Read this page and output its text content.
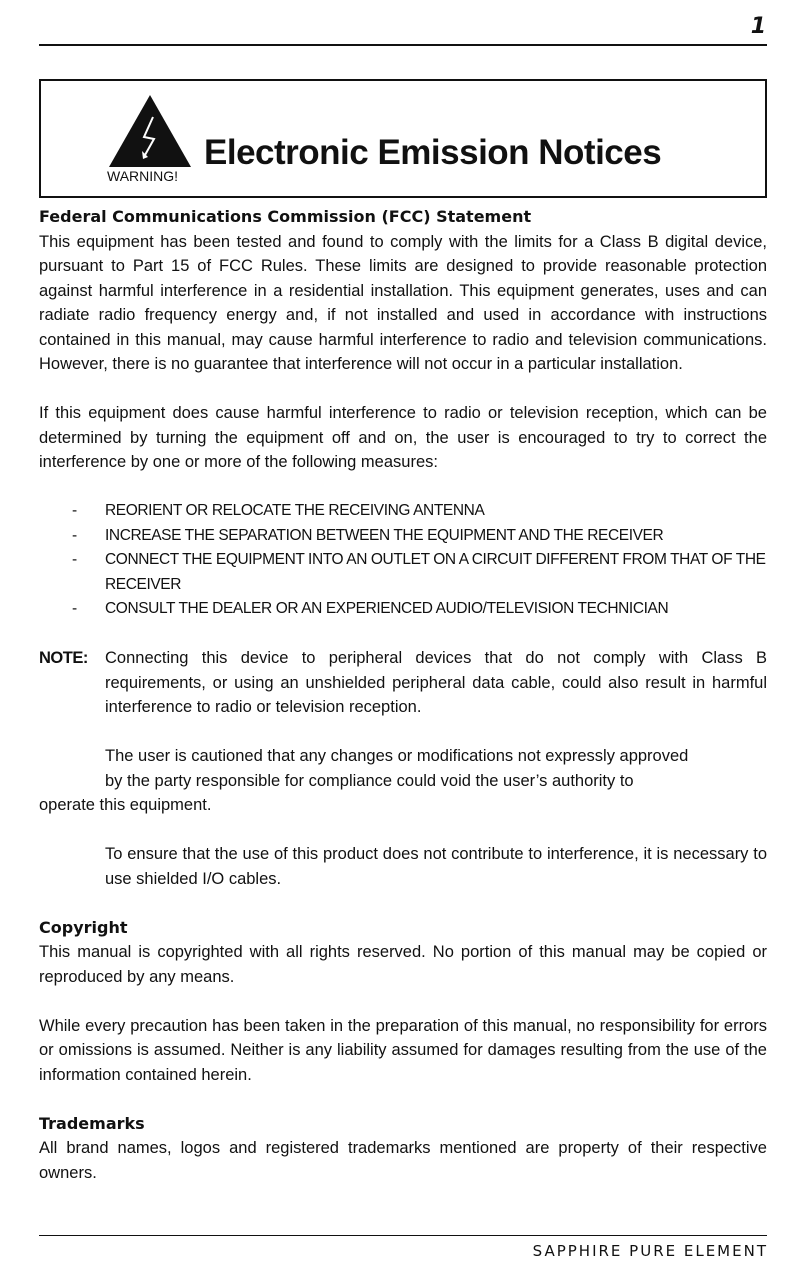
1

WARNING!

Electronic Emission Notices

Federal Communications Commission (FCC) Statement

This equipment has been tested and found to comply with the limits for a Class B digital device, pursuant to Part 15 of FCC Rules. These limits are designed to provide reasonable protection against harmful interference in a residential installation. This equipment generates, uses and can radiate radio frequency energy and, if not installed and used in accordance with instructions contained in this manual, may cause harmful interference to radio and television communications. However, there is no guarantee that interference will not occur in a particular installation.

If this equipment does cause harmful interference to radio or television reception, which can be determined by turning the equipment off and on, the user is encouraged to try to correct the interference by one or more of the following measures:

- REORIENT OR RELOCATE THE RECEIVING ANTENNA
- INCREASE THE SEPARATION BETWEEN THE EQUIPMENT AND THE RECEIVER
- CONNECT THE EQUIPMENT INTO AN OUTLET ON A CIRCUIT DIFFERENT FROM THAT OF THE RECEIVER
- CONSULT THE DEALER OR AN EXPERIENCED AUDIO/TELEVISION TECHNICIAN
NOTE: Connecting this device to peripheral devices that do not comply with Class B requirements, or using an unshielded peripheral data cable, could also result in harmful interference to radio or television reception.

The user is cautioned that any changes or modifications not expressly approved

by the party responsible for compliance could void the user’s authority to

operate this equipment.

To ensure that the use of this product does not contribute to interference, it is necessary to use shielded I/O cables.

Copyright

This manual is copyrighted with all rights reserved. No portion of this manual may be copied or reproduced by any means.

While every precaution has been taken in the preparation of this manual, no responsibility for errors or omissions is assumed. Neither is any liability assumed for damages resulting from the use of the information contained herein.

Trademarks

All brand names, logos and registered trademarks mentioned are property of their respective owners.

SAPPHIRE PURE ELEMENT
